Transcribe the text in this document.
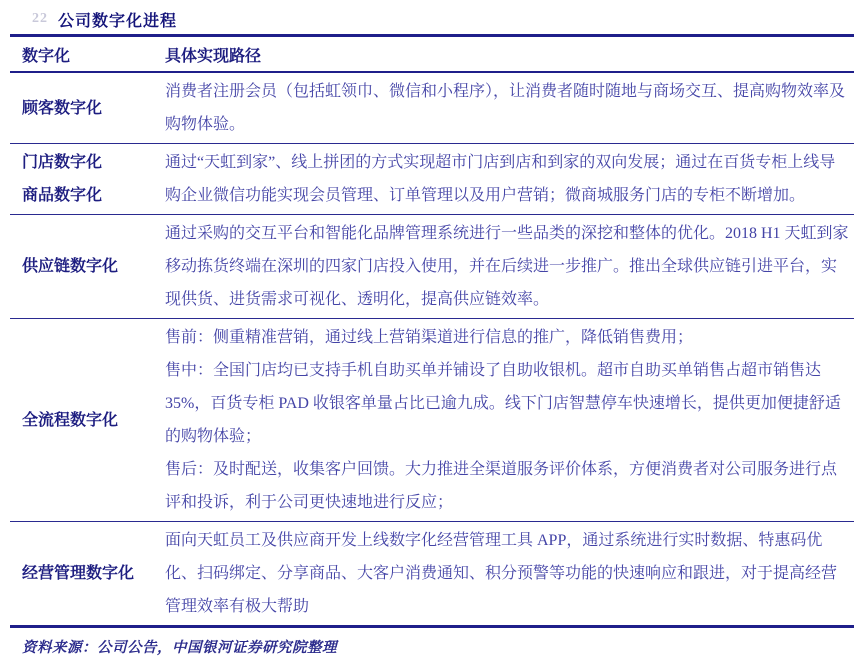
22 公司数字化进程
数字化	具体实现路径
顾客数字化

消费者注册会员（包括虹领巾、微信和小程序），让消费者随时随地与商场交互、提高购物效率及购物体验。

门店数字化
商品数字化

通过“天虹到家”、线上拼团的方式实现超市门店到店和到家的双向发展；通过在百货专柜上线导购企业微信功能实现会员管理、订单管理以及用户营销；微商城服务门店的专柜不断增加。

供应链数字化

通过采购的交互平台和智能化品牌管理系统进行一些品类的深挖和整体的优化。2018 H1 天虹到家移动拣货终端在深圳的四家门店投入使用，并在后续进一步推广。推出全球供应链引进平台，实现供货、进货需求可视化、透明化，提高供应链效率。

全流程数字化

售前：侧重精准营销，通过线上营销渠道进行信息的推广，降低销售费用；

售中：全国门店均已支持手机自助买单并铺设了自助收银机。超市自助买单销售占超市销售达 35%，百货专柜 PAD 收银客单量占比已逾九成。线下门店智慧停车快速增长，提供更加便捷舒适的购物体验；

售后：及时配送，收集客户回馈。大力推进全渠道服务评价体系，方便消费者对公司服务进行点评和投诉，利于公司更快速地进行反应；

经营管理数字化

面向天虹员工及供应商开发上线数字化经营管理工具 APP，通过系统进行实时数据、特惠码优化、扫码绑定、分享商品、大客户消费通知、积分预警等功能的快速响应和跟进，对于提高经营管理效率有极大帮助

资料来源：公司公告，中国银河证券研究院整理
